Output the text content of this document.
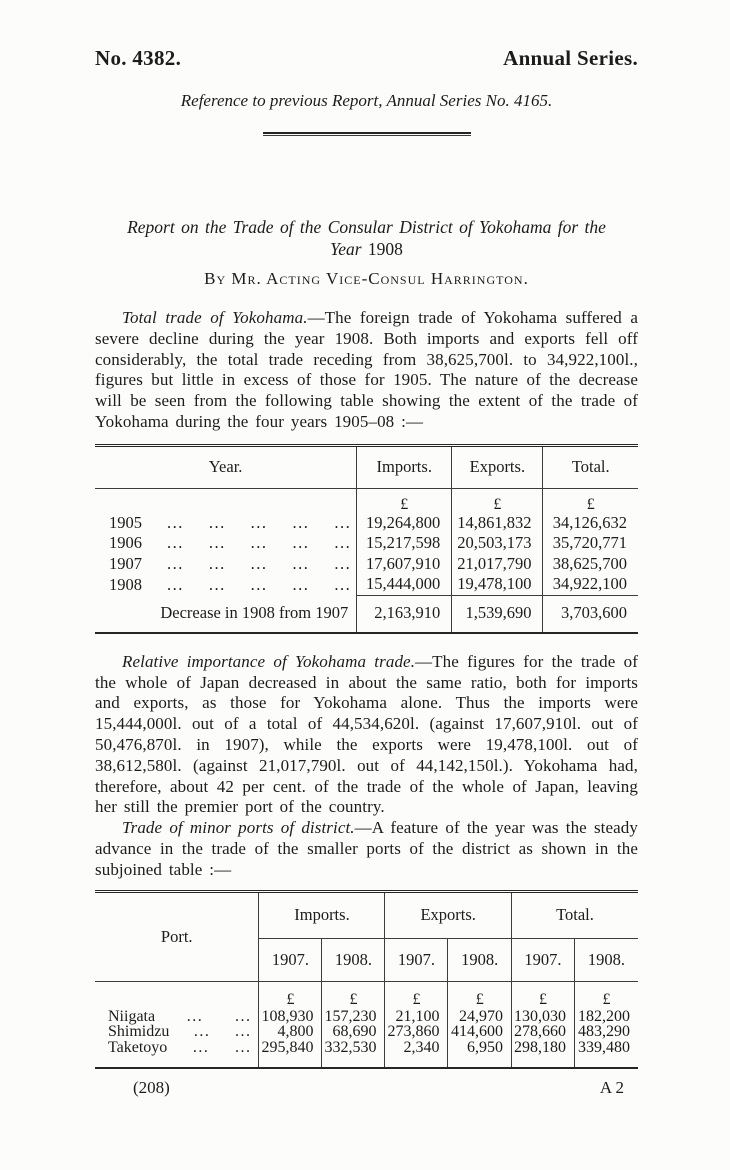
No. 4382.	Annual Series.
Reference to previous Report, Annual Series No. 4165.
Report on the Trade of the Consular District of Yokohama for the
Year 1908
By Mr. Acting Vice-Consul Harrington.

Total trade of Yokohama.—The foreign trade of Yokohama suffered a severe decline during the year 1908. Both imports and exports fell off considerably, the total trade receding from 38,625,700l. to 34,922,100l., figures but little in excess of those for 1905. The nature of the decrease will be seen from the following table showing the extent of the trade of Yokohama during the four years 1905–08 :—

Year.	Imports.	Exports.	Total.
	£	£	£

1905 ... ... ... ... ...	19,264,800	14,861,832	34,126,632

1906 ... ... ... ... ...	15,217,598	20,503,173	35,720,771

1907 ... ... ... ... ...	17,607,910	21,017,790	38,625,700

1908 ... ... ... ... ...	15,444,000	19,478,100	34,922,100
Decrease in 1908 from 1907	2,163,910	1,539,690	3,703,600

Relative importance of Yokohama trade.—The figures for the trade of the whole of Japan decreased in about the same ratio, both for imports and exports, as those for Yokohama alone. Thus the imports were 15,444,000l. out of a total of 44,534,620l. (against 17,607,910l. out of 50,476,870l. in 1907), while the exports were 19,478,100l. out of 38,612,580l. (against 21,017,790l. out of 44,142,150l.). Yokohama had, therefore, about 42 per cent. of the trade of the whole of Japan, leaving her still the premier port of the country.

Trade of minor ports of district.—A feature of the year was the steady advance in the trade of the smaller ports of the district as shown in the subjoined table :—

Port.	Imports.		Exports.		Total.	
	1907.	1908.	1907.	1908.	1907.	1908.
	£	£	£	£	£	£

Niigata ... ...	108,930	157,230	21,100	24,970	130,030	182,200

Shimidzu ... ...	4,800	68,690	273,860	414,600	278,660	483,290

Taketoyo ... ...	295,840	332,530	2,340	6,950	298,180	339,480
(208)	A 2
